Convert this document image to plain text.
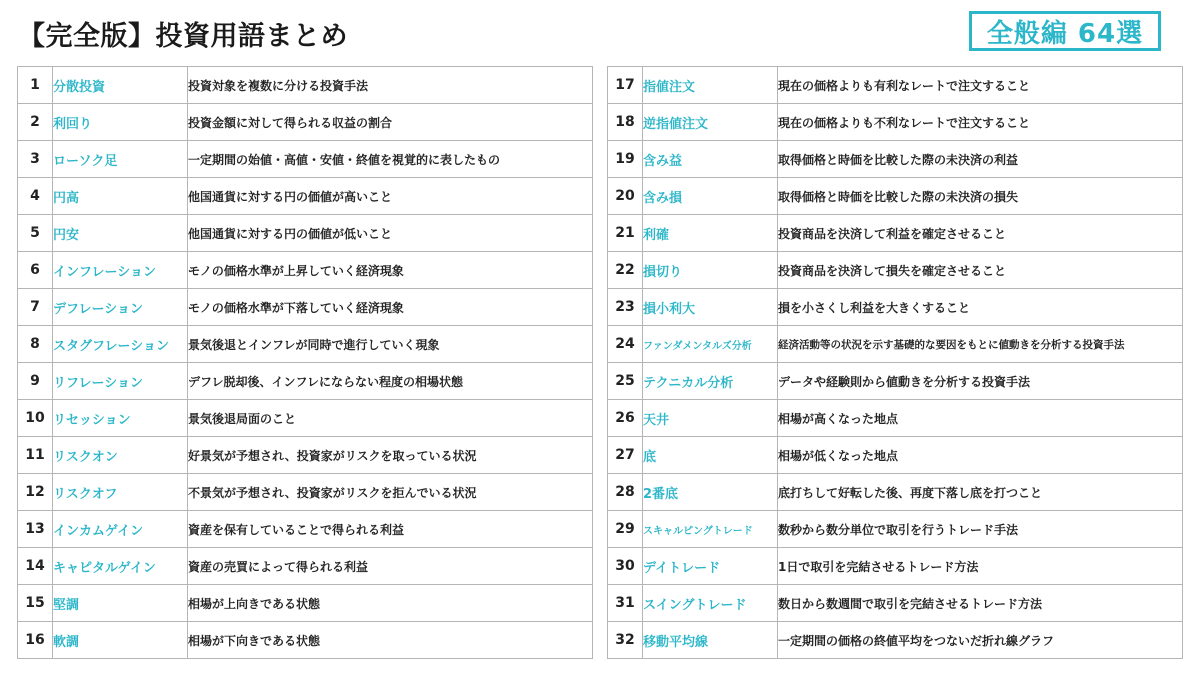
【完全版】投資用語まとめ	全般編 64選
1	分散投資	投資対象を複数に分ける投資手法
2	利回り	投資金額に対して得られる収益の割合
3	ローソク足	一定期間の始値・高値・安値・終値を視覚的に表したもの
4	円高	他国通貨に対する円の価値が高いこと
5	円安	他国通貨に対する円の価値が低いこと
6	インフレーション	モノの価格水準が上昇していく経済現象
7	デフレーション	モノの価格水準が下落していく経済現象
8	スタグフレーション	景気後退とインフレが同時で進行していく現象
9	リフレーション	デフレ脱却後、インフレにならない程度の相場状態
10	リセッション	景気後退局面のこと
11	リスクオン	好景気が予想され、投資家がリスクを取っている状況
12	リスクオフ	不景気が予想され、投資家がリスクを拒んでいる状況
13	インカムゲイン	資産を保有していることで得られる利益
14	キャピタルゲイン	資産の売買によって得られる利益
15	堅調	相場が上向きである状態
16	軟調	相場が下向きである状態
17	指値注文	現在の価格よりも有利なレートで注文すること
18	逆指値注文	現在の価格よりも不利なレートで注文すること
19	含み益	取得価格と時価を比較した際の未決済の利益
20	含み損	取得価格と時価を比較した際の未決済の損失
21	利確	投資商品を決済して利益を確定させること
22	損切り	投資商品を決済して損失を確定させること
23	損小利大	損を小さくし利益を大きくすること
24	ファンダメンタルズ分析	経済活動等の状況を示す基礎的な要因をもとに値動きを分析する投資手法
25	テクニカル分析	データや経験則から値動きを分析する投資手法
26	天井	相場が高くなった地点
27	底	相場が低くなった地点
28	2番底	底打ちして好転した後、再度下落し底を打つこと
29	スキャルピングトレード	数秒から数分単位で取引を行うトレード手法
30	デイトレード	1日で取引を完結させるトレード方法
31	スイングトレード	数日から数週間で取引を完結させるトレード方法
32	移動平均線	一定期間の価格の終値平均をつないだ折れ線グラフ
